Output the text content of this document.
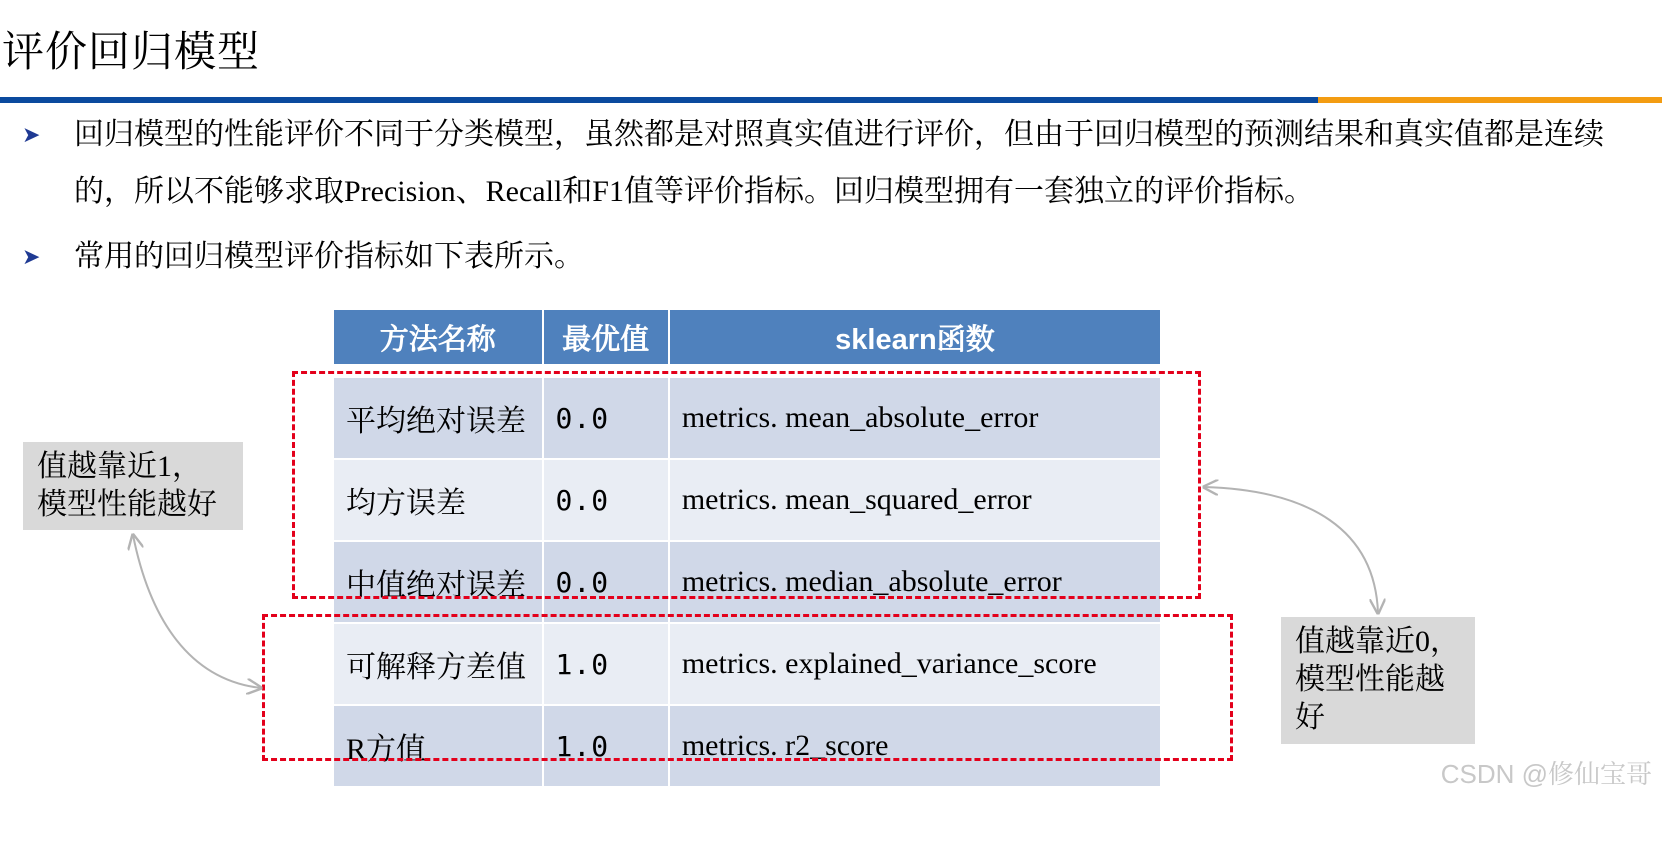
评价回归模型
➤	回归模型的性能评价不同于分类模型，虽然都是对照真实值进行评价，但由于回归模型的预测结果和真实值都是连续的，所以不能够求取Precision、Recall和F1值等评价指标。回归模型拥有一套独立的评价指标。
➤	常用的回归模型评价指标如下表所示。
方法名称	最优值	sklearn函数

平均绝对误差	0.0	metrics. mean_absolute_error
均方误差	0.0	metrics. mean_squared_error
中值绝对误差	0.0	metrics. median_absolute_error
可解释方差值	1.0	metrics. explained_variance_score
R方值	1.0	metrics. r2_score
值越靠近1，
模型性能越好
值越靠近0，
模型性能越
好
CSDN @修仙宝哥
